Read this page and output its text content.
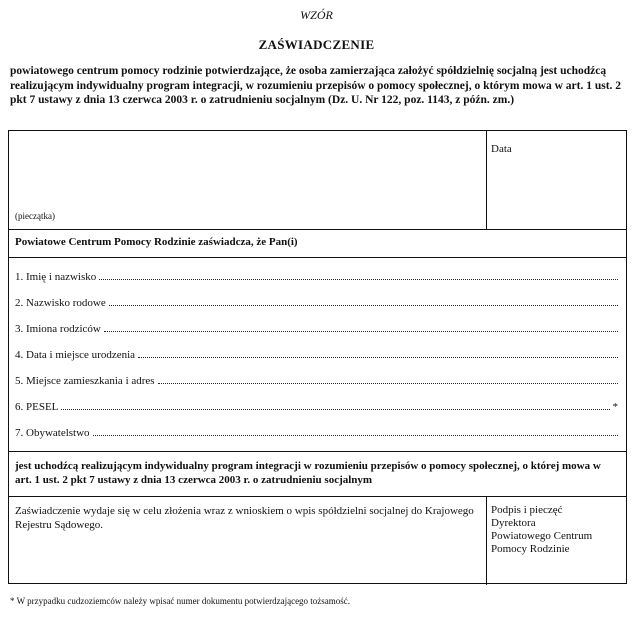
WZÓR
ZAŚWIADCZENIE
powiatowego centrum pomocy rodzinie potwierdzające, że osoba zamierzająca założyć spółdzielnię socjalną jest uchodźcą realizującym indywidualny program integracji, w rozumieniu przepisów o pomocy społecznej, o którym mowa w art. 1 ust. 2 pkt 7 ustawy z dnia 13 czerwca 2003 r. o zatrudnieniu socjalnym (Dz. U. Nr 122, poz. 1143, z późn. zm.)
Data
(pieczątka)
Powiatowe Centrum Pomocy Rodzinie zaświadcza, że Pan(i)
1. Imię i nazwisko
2. Nazwisko rodowe
3. Imiona rodziców
4. Data i miejsce urodzenia
5. Miejsce zamieszkania i adres
6. PESEL	*
7. Obywatelstwo
jest uchodźcą realizującym indywidualny program integracji w rozumieniu przepisów o pomocy społecznej, o której mowa w art. 1 ust. 2 pkt 7 ustawy z dnia 13 czerwca 2003 r. o zatrudnieniu socjalnym
Zaświadczenie wydaje się w celu złożenia wraz z wnioskiem o wpis spółdzielni socjalnej do Krajowego Rejestru Sądowego.
Podpis i pieczęć
Dyrektora
Powiatowego Centrum
Pomocy Rodzinie
* W przypadku cudzoziemców należy wpisać numer dokumentu potwierdzającego tożsamość.
